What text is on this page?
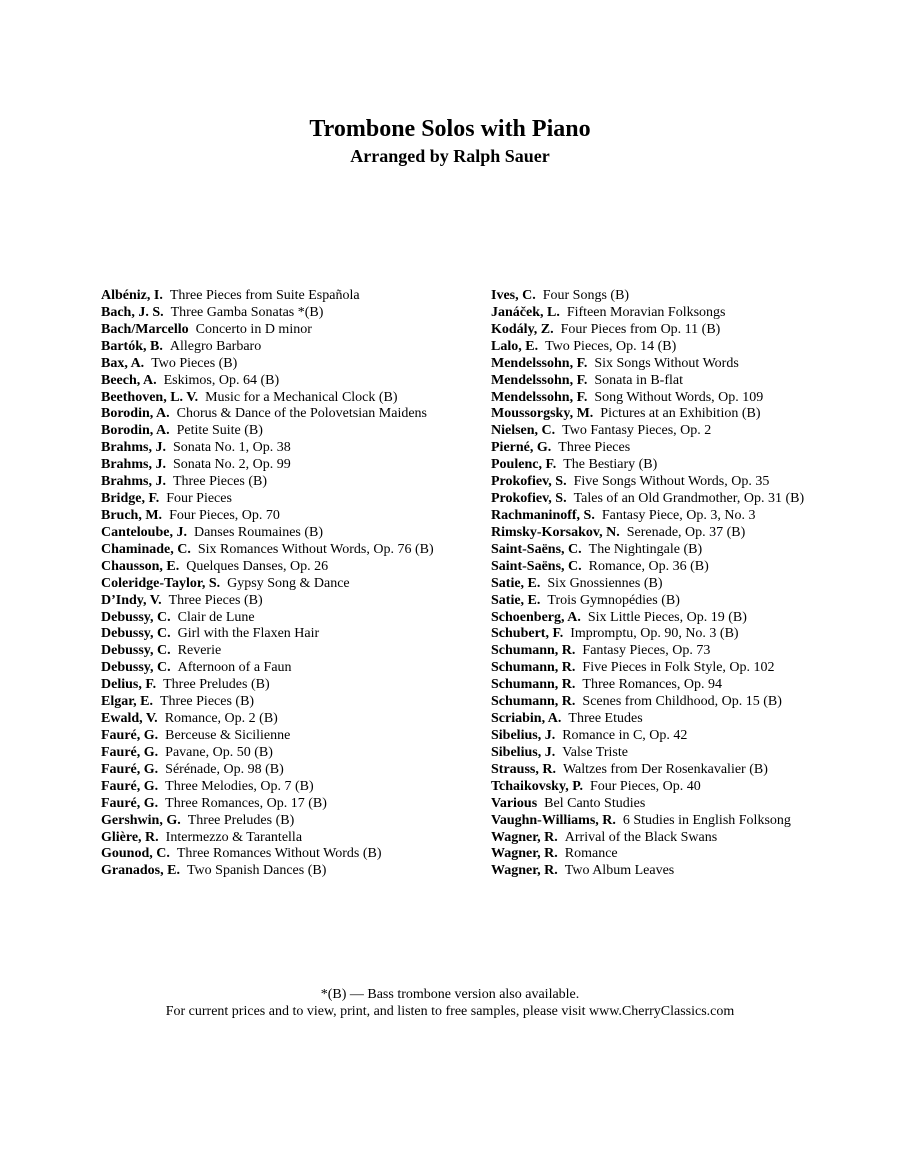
Trombone Solos with Piano
Arranged by Ralph Sauer
Albéniz, I. Three Pieces from Suite Española
Bach, J. S. Three Gamba Sonatas *(B)
Bach/Marcello Concerto in D minor
Bartók, B. Allegro Barbaro
Bax, A. Two Pieces (B)
Beech, A. Eskimos, Op. 64 (B)
Beethoven, L. V. Music for a Mechanical Clock (B)
Borodin, A. Chorus & Dance of the Polovetsian Maidens
Borodin, A. Petite Suite (B)
Brahms, J. Sonata No. 1, Op. 38
Brahms, J. Sonata No. 2, Op. 99
Brahms, J. Three Pieces (B)
Bridge, F. Four Pieces
Bruch, M. Four Pieces, Op. 70
Canteloube, J. Danses Roumaines (B)
Chaminade, C. Six Romances Without Words, Op. 76 (B)
Chausson, E. Quelques Danses, Op. 26
Coleridge-Taylor, S. Gypsy Song & Dance
D’Indy, V. Three Pieces (B)
Debussy, C. Clair de Lune
Debussy, C. Girl with the Flaxen Hair
Debussy, C. Reverie
Debussy, C. Afternoon of a Faun
Delius, F. Three Preludes (B)
Elgar, E. Three Pieces (B)
Ewald, V. Romance, Op. 2 (B)
Fauré, G. Berceuse & Sicilienne
Fauré, G. Pavane, Op. 50 (B)
Fauré, G. Sérénade, Op. 98 (B)
Fauré, G. Three Melodies, Op. 7 (B)
Fauré, G. Three Romances, Op. 17 (B)
Gershwin, G. Three Preludes (B)
Glière, R. Intermezzo & Tarantella
Gounod, C. Three Romances Without Words (B)
Granados, E. Two Spanish Dances (B)
Ives, C. Four Songs (B)
Janáček, L. Fifteen Moravian Folksongs
Kodály, Z. Four Pieces from Op. 11 (B)
Lalo, E. Two Pieces, Op. 14 (B)
Mendelssohn, F. Six Songs Without Words
Mendelssohn, F. Sonata in B-flat
Mendelssohn, F. Song Without Words, Op. 109
Moussorgsky, M. Pictures at an Exhibition (B)
Nielsen, C. Two Fantasy Pieces, Op. 2
Pierné, G. Three Pieces
Poulenc, F. The Bestiary (B)
Prokofiev, S. Five Songs Without Words, Op. 35
Prokofiev, S. Tales of an Old Grandmother, Op. 31 (B)
Rachmaninoff, S. Fantasy Piece, Op. 3, No. 3
Rimsky-Korsakov, N. Serenade, Op. 37 (B)
Saint-Saëns, C. The Nightingale (B)
Saint-Saëns, C. Romance, Op. 36 (B)
Satie, E. Six Gnossiennes (B)
Satie, E. Trois Gymnopédies (B)
Schoenberg, A. Six Little Pieces, Op. 19 (B)
Schubert, F. Impromptu, Op. 90, No. 3 (B)
Schumann, R. Fantasy Pieces, Op. 73
Schumann, R. Five Pieces in Folk Style, Op. 102
Schumann, R. Three Romances, Op. 94
Schumann, R. Scenes from Childhood, Op. 15 (B)
Scriabin, A. Three Etudes
Sibelius, J. Romance in C, Op. 42
Sibelius, J. Valse Triste
Strauss, R. Waltzes from Der Rosenkavalier (B)
Tchaikovsky, P. Four Pieces, Op. 40
Various Bel Canto Studies
Vaughn-Williams, R. 6 Studies in English Folksong
Wagner, R. Arrival of the Black Swans
Wagner, R. Romance
Wagner, R. Two Album Leaves
*(B) — Bass trombone version also available.
For current prices and to view, print, and listen to free samples, please visit www.CherryClassics.com
